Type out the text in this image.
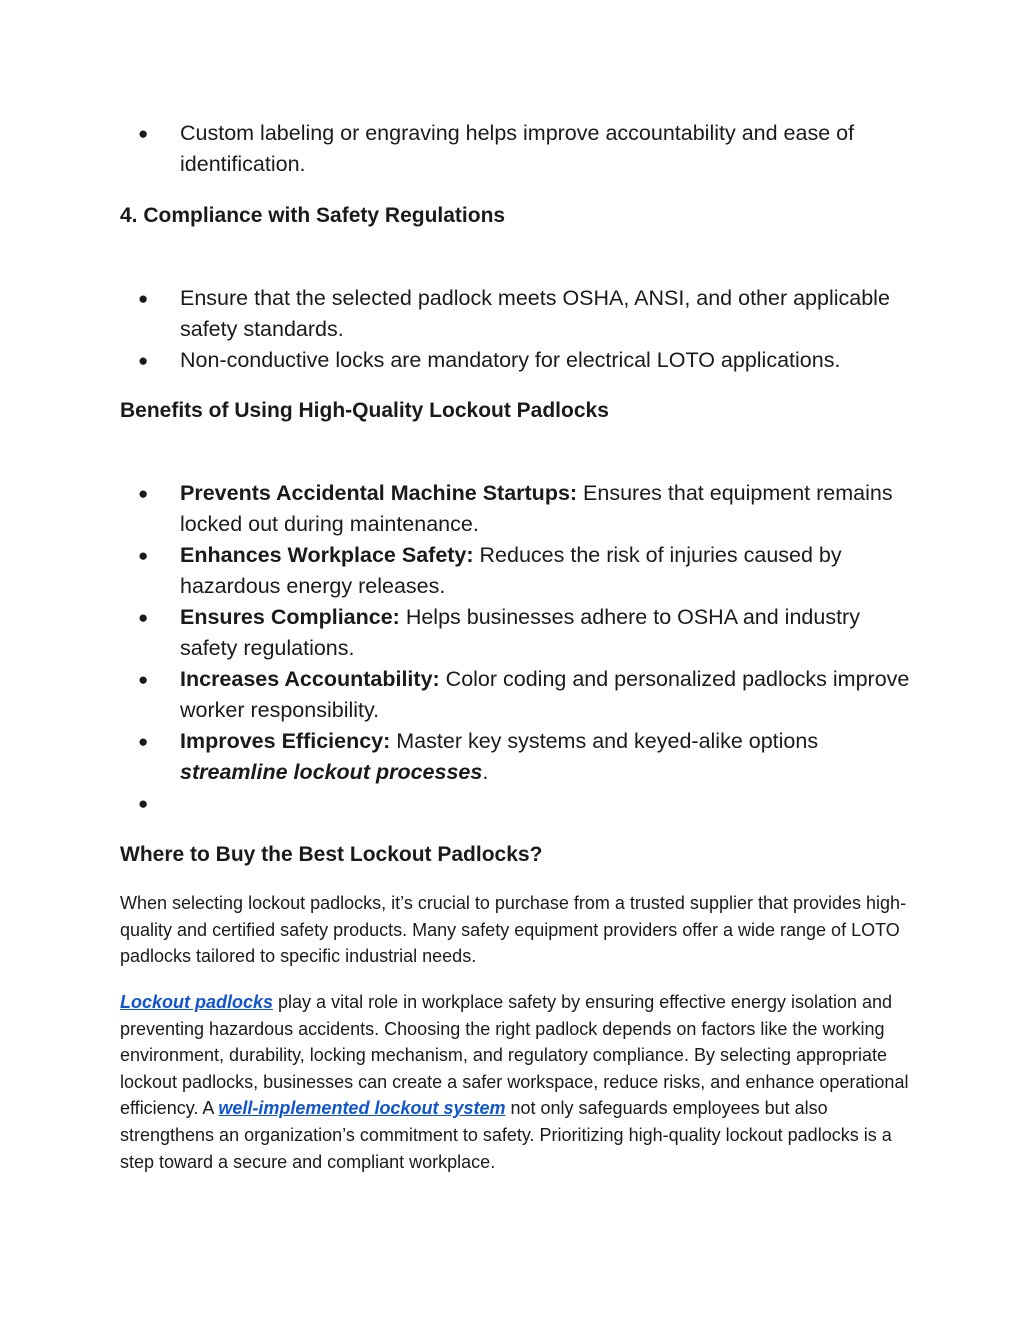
● Custom labeling or engraving helps improve accountability and ease of identification.
4. Compliance with Safety Regulations
● Ensure that the selected padlock meets OSHA, ANSI, and other applicable safety standards.
● Non-conductive locks are mandatory for electrical LOTO applications.
Benefits of Using High-Quality Lockout Padlocks
● Prevents Accidental Machine Startups: Ensures that equipment remains locked out during maintenance.
● Enhances Workplace Safety: Reduces the risk of injuries caused by hazardous energy releases.
● Ensures Compliance: Helps businesses adhere to OSHA and industry safety regulations.
● Increases Accountability: Color coding and personalized padlocks improve worker responsibility.
● Improves Efficiency: Master key systems and keyed-alike options streamline lockout processes.
●

Where to Buy the Best Lockout Padlocks?

When selecting lockout padlocks, it’s crucial to purchase from a trusted supplier that provides high-quality and certified safety products. Many safety equipment providers offer a wide range of LOTO padlocks tailored to specific industrial needs.

Lockout padlocks play a vital role in workplace safety by ensuring effective energy isolation and preventing hazardous accidents. Choosing the right padlock depends on factors like the working environment, durability, locking mechanism, and regulatory compliance. By selecting appropriate lockout padlocks, businesses can create a safer workspace, reduce risks, and enhance operational efficiency. A well-implemented lockout system not only safeguards employees but also strengthens an organization’s commitment to safety. Prioritizing high-quality lockout padlocks is a step toward a secure and compliant workplace.
